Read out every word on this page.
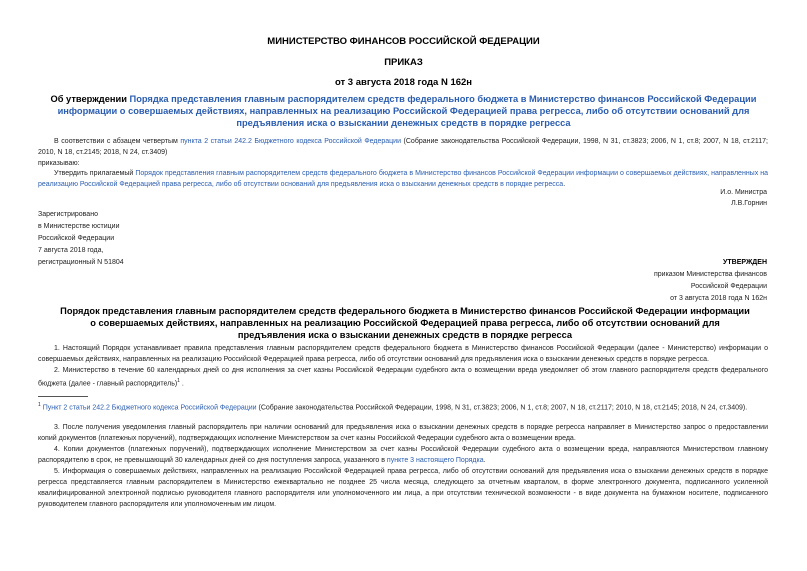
МИНИСТЕРСТВО ФИНАНСОВ РОССИЙСКОЙ ФЕДЕРАЦИИ
ПРИКАЗ
от 3 августа 2018 года N 162н
Об утверждении Порядка представления главным распорядителем средств федерального бюджета в Министерство финансов Российской Федерации информации о совершаемых действиях, направленных на реализацию Российской Федерацией права регресса, либо об отсутствии оснований для предъявления иска о взыскании денежных средств в порядке регресса
В соответствии с абзацем четвертым пункта 2 статьи 242.2 Бюджетного кодекса Российской Федерации (Собрание законодательства Российской Федерации, 1998, N 31, ст.3823; 2006, N 1, ст.8; 2007, N 18, ст.2117; 2010, N 18, ст.2145; 2018, N 24, ст.3409)
приказываю:
Утвердить прилагаемый Порядок представления главным распорядителем средств федерального бюджета в Министерство финансов Российской Федерации информации о совершаемых действиях, направленных на реализацию Российской Федерацией права регресса, либо об отсутствии оснований для предъявления иска о взыскании денежных средств в порядке регресса.
И.о. Министра
Л.В.Горнин
Зарегистрировано
в Министерстве юстиции
Российской Федерации
7 августа 2018 года,
регистрационный N 51804	УТВЕРЖДЕН
приказом Министерства финансов
Российской Федерации
от 3 августа 2018 года N 162н
Порядок представления главным распорядителем средств федерального бюджета в Министерство финансов Российской Федерации информации о совершаемых действиях, направленных на реализацию Российской Федерацией права регресса, либо об отсутствии оснований для предъявления иска о взыскании денежных средств в порядке регресса
1. Настоящий Порядок устанавливает правила представления главным распорядителем средств федерального бюджета в Министерство финансов Российской Федерации (далее - Министерство) информации о совершаемых действиях, направленных на реализацию Российской Федерацией права регресса, либо об отсутствии оснований для предъявления иска о взыскании денежных средств в порядке регресса.
2. Министерство в течение 60 календарных дней со дня исполнения за счет казны Российской Федерации судебного акта о возмещении вреда уведомляет об этом главного распорядителя средств федерального бюджета (далее - главный распорядитель)$^1$ .
$^1$ Пункт 2 статьи 242.2 Бюджетного кодекса Российской Федерации (Собрание законодательства Российской Федерации, 1998, N 31, ст.3823; 2006, N 1, ст.8; 2007, N 18, ст.2117; 2010, N 18, ст.2145; 2018, N 24, ст.3409).
3. После получения уведомления главный распорядитель при наличии оснований для предъявления иска о взыскании денежных средств в порядке регресса направляет в Министерство запрос о предоставлении копий документов (платежных поручений), подтверждающих исполнение Министерством за счет казны Российской Федерации судебного акта о возмещении вреда.
4. Копии документов (платежных поручений), подтверждающих исполнение Министерством за счет казны Российской Федерации судебного акта о возмещении вреда, направляются Министерством главному распорядителю в срок, не превышающий 30 календарных дней со дня поступления запроса, указанного в пункте 3 настоящего Порядка.
5. Информация о совершаемых действиях, направленных на реализацию Российской Федерацией права регресса, либо об отсутствии оснований для предъявления иска о взыскании денежных средств в порядке регресса представляется главным распорядителем в Министерство ежеквартально не позднее 25 числа месяца, следующего за отчетным кварталом, в форме электронного документа, подписанного усиленной квалифицированной электронной подписью руководителя главного распорядителя или уполномоченного им лица, а при отсутствии технической возможности - в виде документа на бумажном носителе, подписанного руководителем главного распорядителя или уполномоченным им лицом.
